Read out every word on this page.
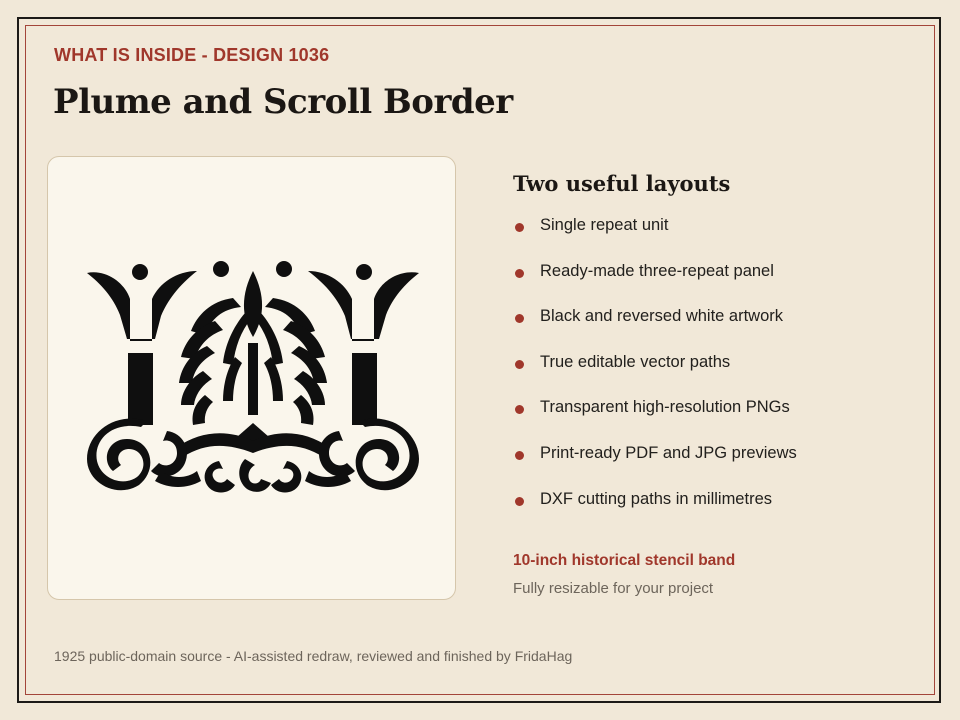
WHAT IS INSIDE - DESIGN 1036
Plume and Scroll Border
Two useful layouts
Single repeat unit
Ready-made three-repeat panel
Black and reversed white artwork
True editable vector paths
Transparent high-resolution PNGs
Print-ready PDF and JPG previews
DXF cutting paths in millimetres
10-inch historical stencil band
Fully resizable for your project
1925 public-domain source - AI-assisted redraw, reviewed and finished by FridaHag
